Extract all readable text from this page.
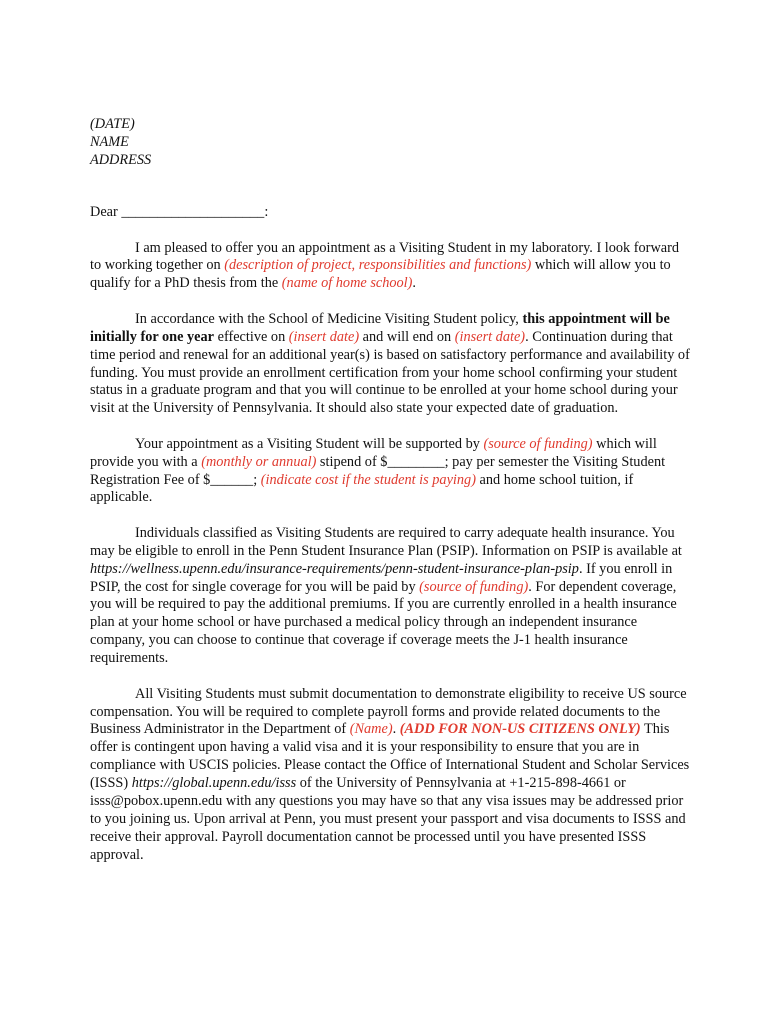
(DATE)
NAME
ADDRESS
Dear ____________________:

I am pleased to offer you an appointment as a Visiting Student in my laboratory. I look forward to working together on (description of project, responsibilities and functions) which will allow you to qualify for a PhD thesis from the (name of home school).

In accordance with the School of Medicine Visiting Student policy, this appointment will be initially for one year effective on (insert date) and will end on (insert date). Continuation during that time period and renewal for an additional year(s) is based on satisfactory performance and availability of funding. You must provide an enrollment certification from your home school confirming your student status in a graduate program and that you will continue to be enrolled at your home school during your visit at the University of Pennsylvania. It should also state your expected date of graduation.

Your appointment as a Visiting Student will be supported by (source of funding) which will provide you with a (monthly or annual) stipend of $________; pay per semester the Visiting Student Registration Fee of $______; (indicate cost if the student is paying) and home school tuition, if applicable.

Individuals classified as Visiting Students are required to carry adequate health insurance. You may be eligible to enroll in the Penn Student Insurance Plan (PSIP). Information on PSIP is available at https://wellness.upenn.edu/insurance-requirements/penn-student-insurance-plan-psip. If you enroll in PSIP, the cost for single coverage for you will be paid by (source of funding). For dependent coverage, you will be required to pay the additional premiums. If you are currently enrolled in a health insurance plan at your home school or have purchased a medical policy through an independent insurance company, you can choose to continue that coverage if coverage meets the J-1 health insurance requirements.

All Visiting Students must submit documentation to demonstrate eligibility to receive US source compensation. You will be required to complete payroll forms and provide related documents to the Business Administrator in the Department of (Name). (ADD FOR NON-US CITIZENS ONLY) This offer is contingent upon having a valid visa and it is your responsibility to ensure that you are in compliance with USCIS policies. Please contact the Office of International Student and Scholar Services (ISSS) https://global.upenn.edu/isss of the University of Pennsylvania at +1-215-898-4661 or isss@pobox.upenn.edu with any questions you may have so that any visa issues may be addressed prior to you joining us. Upon arrival at Penn, you must present your passport and visa documents to ISSS and receive their approval. Payroll documentation cannot be processed until you have presented ISSS approval.
